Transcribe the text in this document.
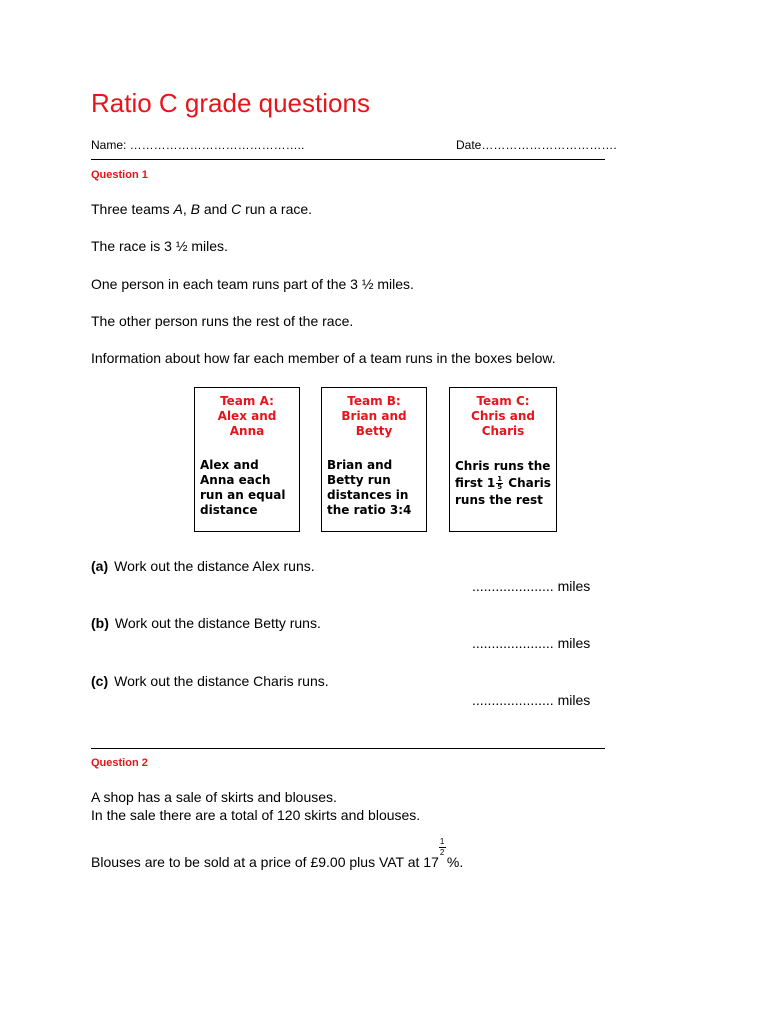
Ratio C grade questions
Name: ……………………………………..	Date…………………………….
Question 1
Three teams A, B and C run a race.
The race is 3 ½ miles.
One person in each team runs part of the 3 ½ miles.
The other person runs the rest of the race.
Information about how far each member of a team runs in the boxes below.
Team A:
Alex and
Anna
Alex and
Anna each
run an equal
distance
Team B:
Brian and
Betty
Brian and
Betty run
distances in
the ratio 3:4
Team C:
Chris and
Charis
Chris runs the
first $1 \frac{1}{5}$ Charis
runs the rest
(a) Work out the distance Alex runs.
..................... miles
(b) Work out the distance Betty runs.
..................... miles
(c) Work out the distance Charis runs.
..................... miles
Question 2
A shop has a sale of skirts and blouses.
In the sale there are a total of 120 skirts and blouses.
Blouses are to be sold at a price of £9.00 plus VAT at $17 \frac{1}{2}$ %.
